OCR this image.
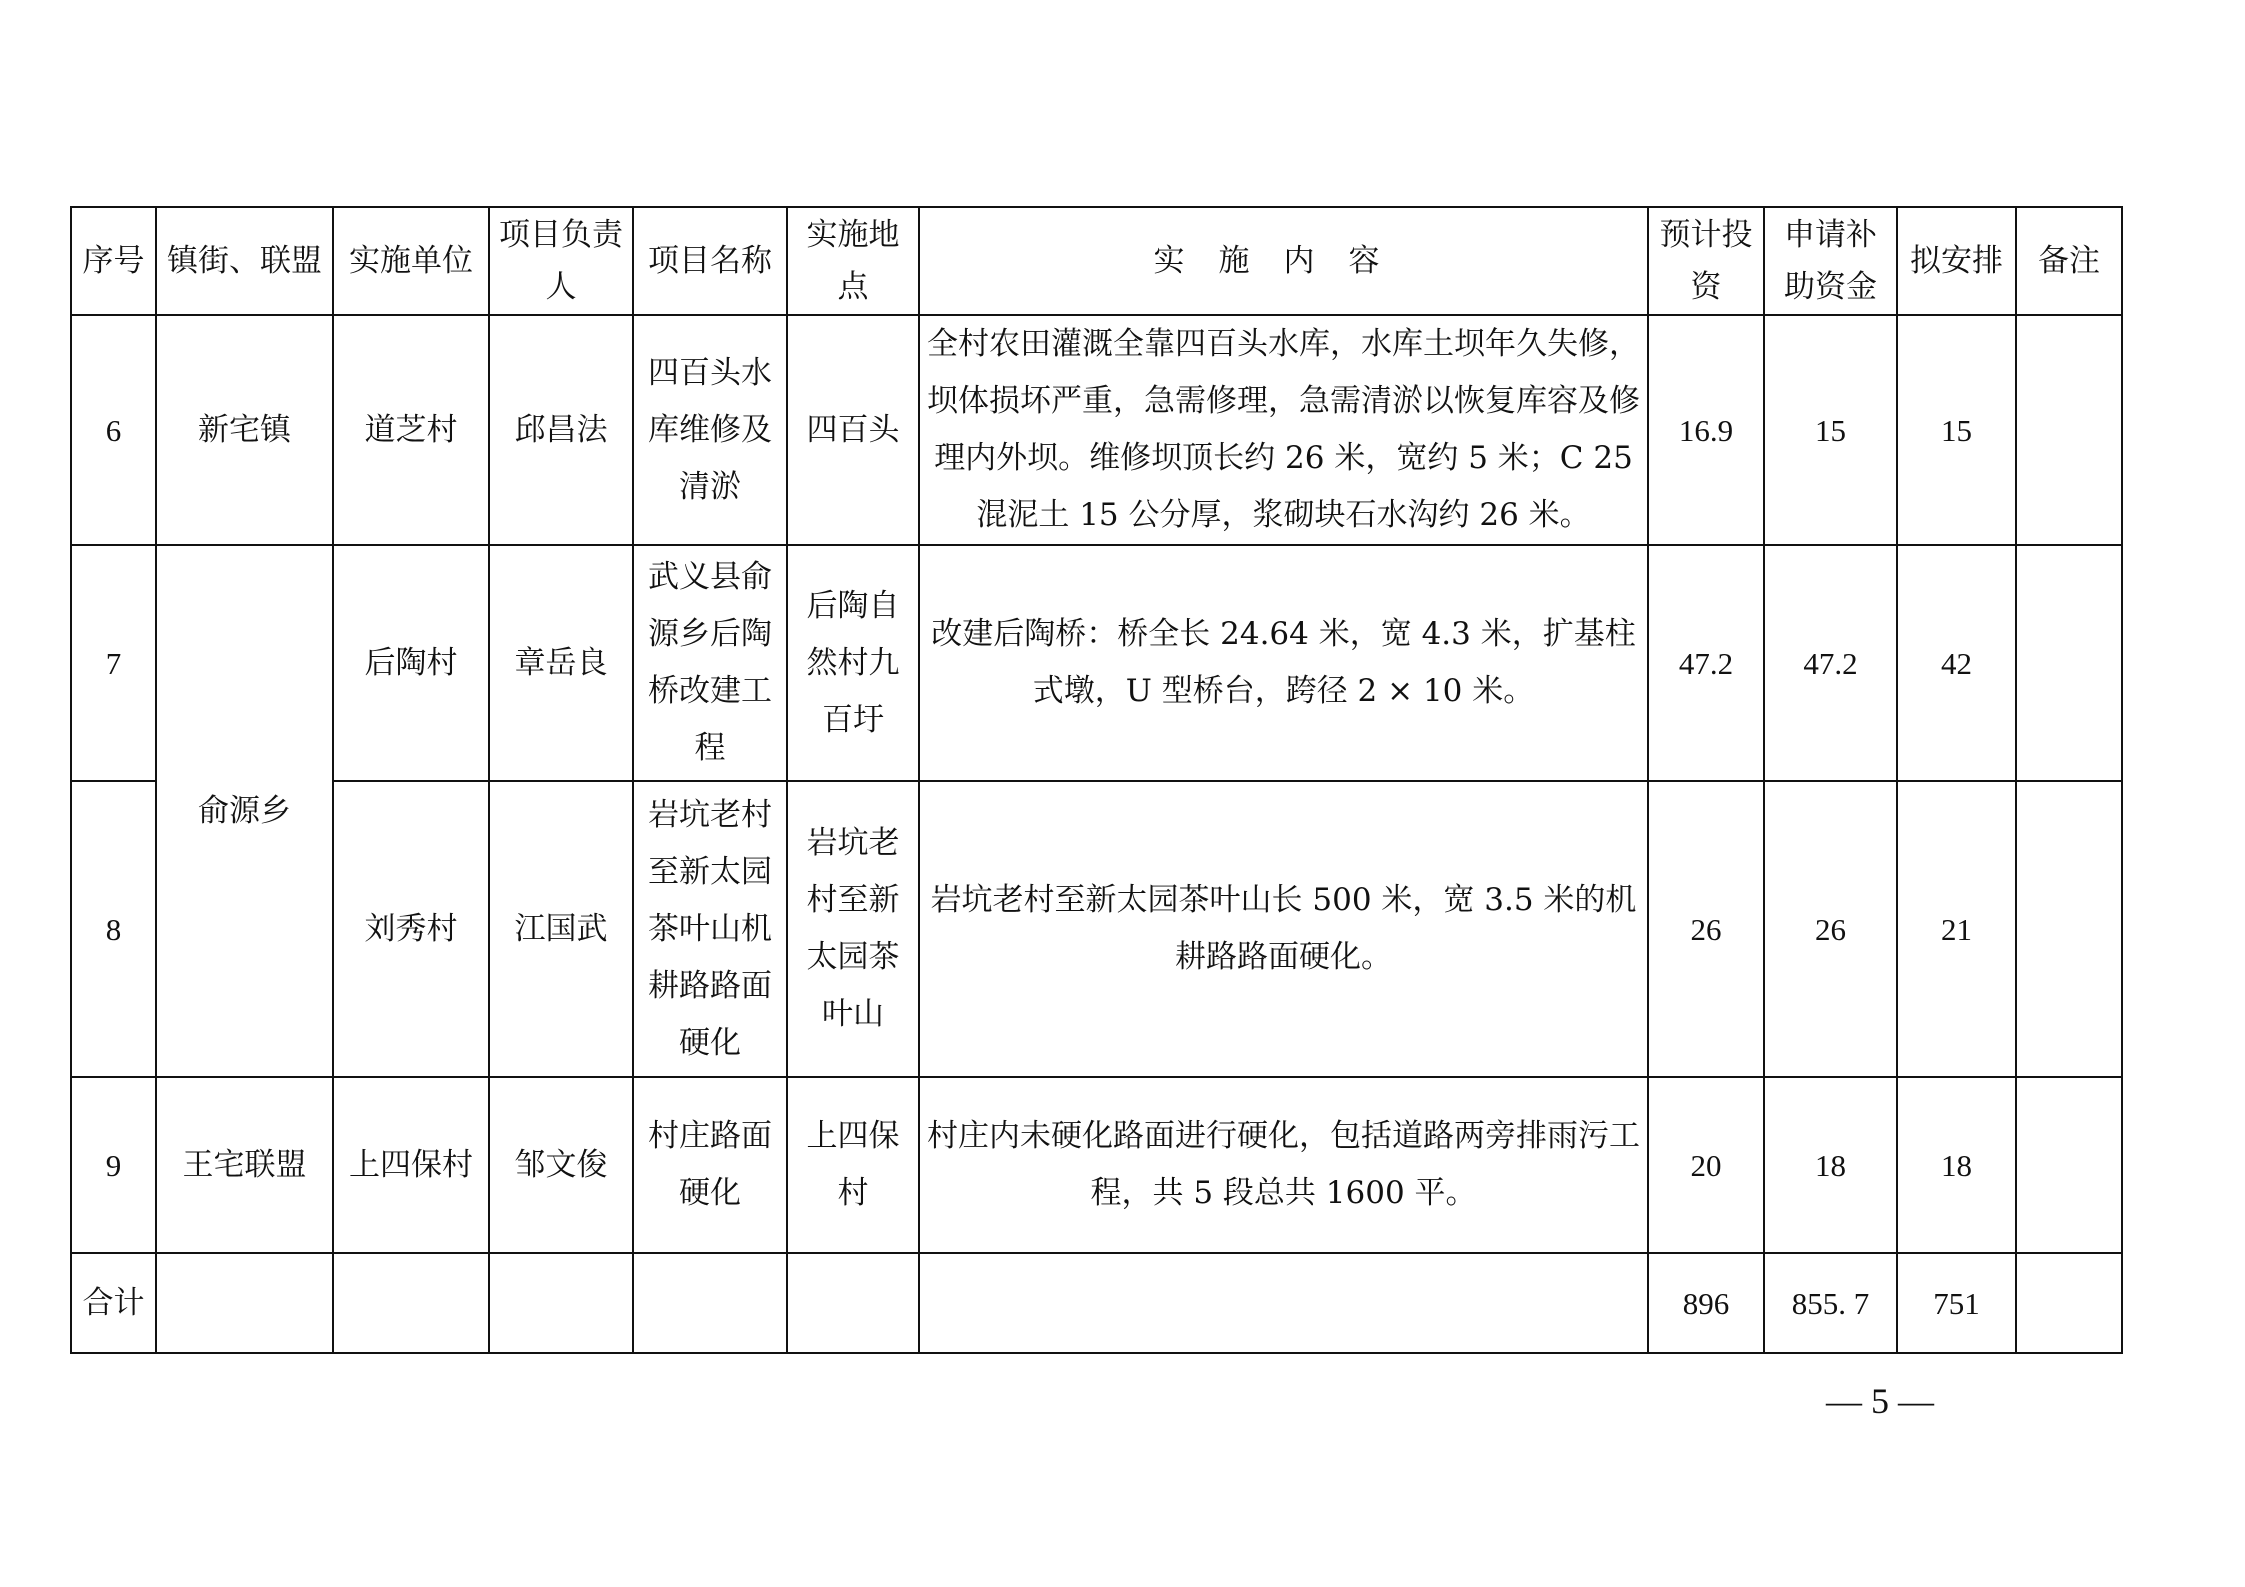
序号	镇街、联盟	实施单位	项目负责人	项目名称	实施地点	实施内容	预计投资	申请补助资金	拟安排	备注
6	新宅镇	道芝村	邱昌法	四百头水库维修及清淤	四百头	全村农田灌溉全靠四百头水库，水库土坝年久失修，坝体损坏严重，急需修理，急需清淤以恢复库容及修理内外坝。维修坝顶长约 26 米，宽约 5 米；C 25 混泥土 15 公分厚，浆砌块石水沟约 26 米。	16.9	15	15	
7	俞源乡	后陶村	章岳良	武义县俞源乡后陶桥改建工程	后陶自然村九百圩	改建后陶桥：桥全长 24.64 米，宽 4.3 米，扩基柱式墩，U 型桥台，跨径 2 × 10 米。	47.2	47.2	42	
8		刘秀村	江国武	岩坑老村至新太园茶叶山机耕路路面硬化	岩坑老村至新太园茶叶山	岩坑老村至新太园茶叶山长 500 米，宽 3.5 米的机耕路路面硬化。	26	26	21	
9	王宅联盟	上四保村	邹文俊	村庄路面硬化	上四保村	村庄内未硬化路面进行硬化，包括道路两旁排雨污工程，共 5 段总共 1600 平。	20	18	18	
合计							896	855. 7	751	
— 5 —
